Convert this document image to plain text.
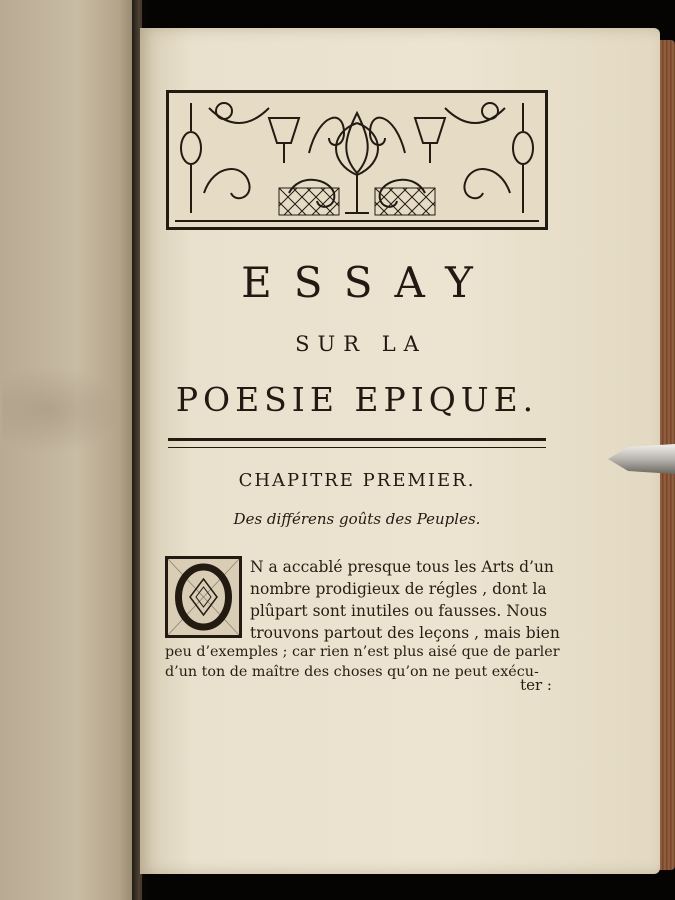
ESSAY
SUR LA
POESIE EPIQUE.
CHAPITRE PREMIER.
Des différens goûts des Peuples.
O
N a accablé presque tous les Arts d’un
nombre prodigieux de régles , dont la
plûpart sont inutiles ou fausses. Nous
trouvons partout des leçons , mais bien
peu d’exemples ; car rien n’est plus aisé que de parler
d’un ton de maître des choses qu’on ne peut exécu-
ter :
